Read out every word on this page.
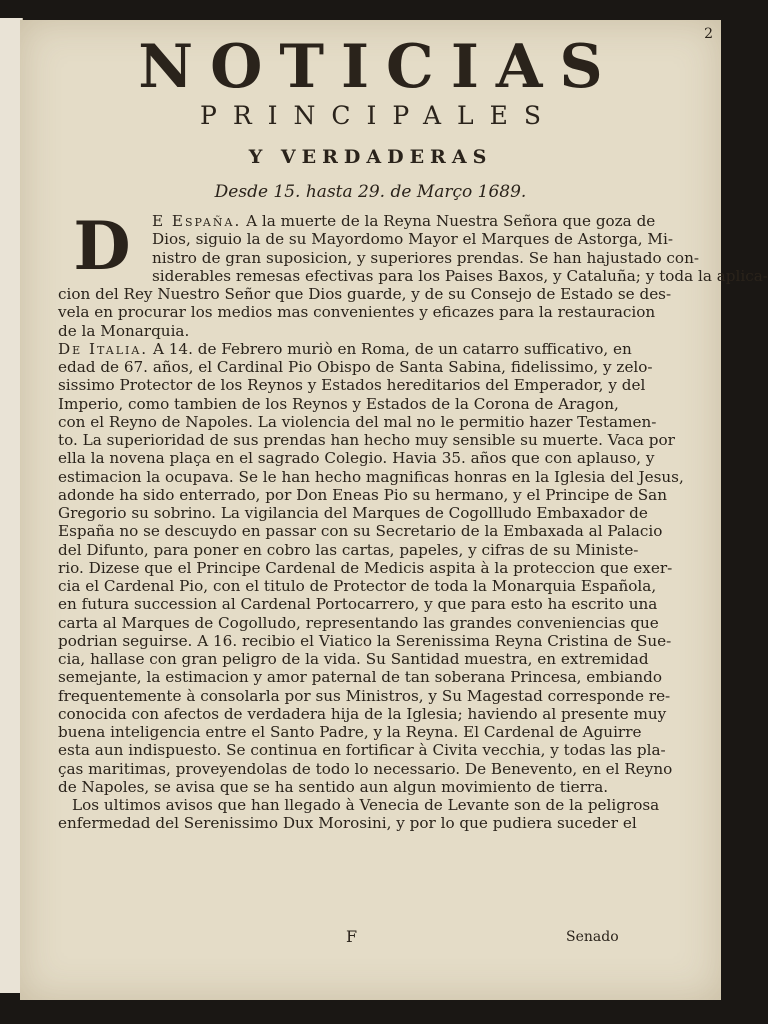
2
NOTICIAS
PRINCIPALES
Y VERDADERAS
Desde 15. hasta 29. de Março 1689.
D	E España. A la muerte de la Reyna Nuestra Señora que goza de
Dios, siguio la de su Mayordomo Mayor el Marques de Astorga, Mi-
nistro de gran suposicion, y superiores prendas. Se han hajustado con-
siderables remesas efectivas para los Paises Baxos, y Cataluña; y toda la aplica-
cion del Rey Nuestro Señor que Dios guarde, y de su Consejo de Estado se des-
vela en procurar los medios mas convenientes y eficazes para la restauracion
de la Monarquia.
De Italia. A 14. de Febrero muriò en Roma, de un catarro sufficativo, en
edad de 67. años, el Cardinal Pio Obispo de Santa Sabina, fidelissimo, y zelo-
sissimo Protector de los Reynos y Estados hereditarios del Emperador, y del
Imperio, como tambien de los Reynos y Estados de la Corona de Aragon,
con el Reyno de Napoles. La violencia del mal no le permitio hazer Testamen-
to. La superioridad de sus prendas han hecho muy sensible su muerte. Vaca por
ella la novena plaça en el sagrado Colegio. Havia 35. años que con aplauso, y
estimacion la ocupava. Se le han hecho magnificas honras en la Iglesia del Jesus,
adonde ha sido enterrado, por Don Eneas Pio su hermano, y el Principe de San
Gregorio su sobrino. La vigilancia del Marques de Cogollludo Embaxador de
España no se descuydo en passar con su Secretario de la Embaxada al Palacio
del Difunto, para poner en cobro las cartas, papeles, y cifras de su Ministe-
rio. Dizese que el Principe Cardenal de Medicis aspita à la proteccion que exer-
cia el Cardenal Pio, con el titulo de Protector de toda la Monarquia Española,
en futura succession al Cardenal Portocarrero, y que para esto ha escrito una
carta al Marques de Cogolludo, representando las grandes conveniencias que
podrian seguirse. A 16. recibio el Viatico la Serenissima Reyna Cristina de Sue-
cia, hallase con gran peligro de la vida. Su Santidad muestra, en extremidad
semejante, la estimacion y amor paternal de tan soberana Princesa, embiando
frequentemente à consolarla por sus Ministros, y Su Magestad corresponde re-
conocida con afectos de verdadera hija de la Iglesia; haviendo al presente muy
buena inteligencia entre el Santo Padre, y la Reyna. El Cardenal de Aguirre
esta aun indispuesto. Se continua en fortificar à Civita vecchia, y todas las pla-
ças maritimas, proveyendolas de todo lo necessario. De Benevento, en el Reyno
de Napoles, se avisa que se ha sentido aun algun movimiento de tierra.
Los ultimos avisos que han llegado à Venecia de Levante son de la peligrosa
enfermedad del Serenissimo Dux Morosini, y por lo que pudiera suceder el
F	Senado
